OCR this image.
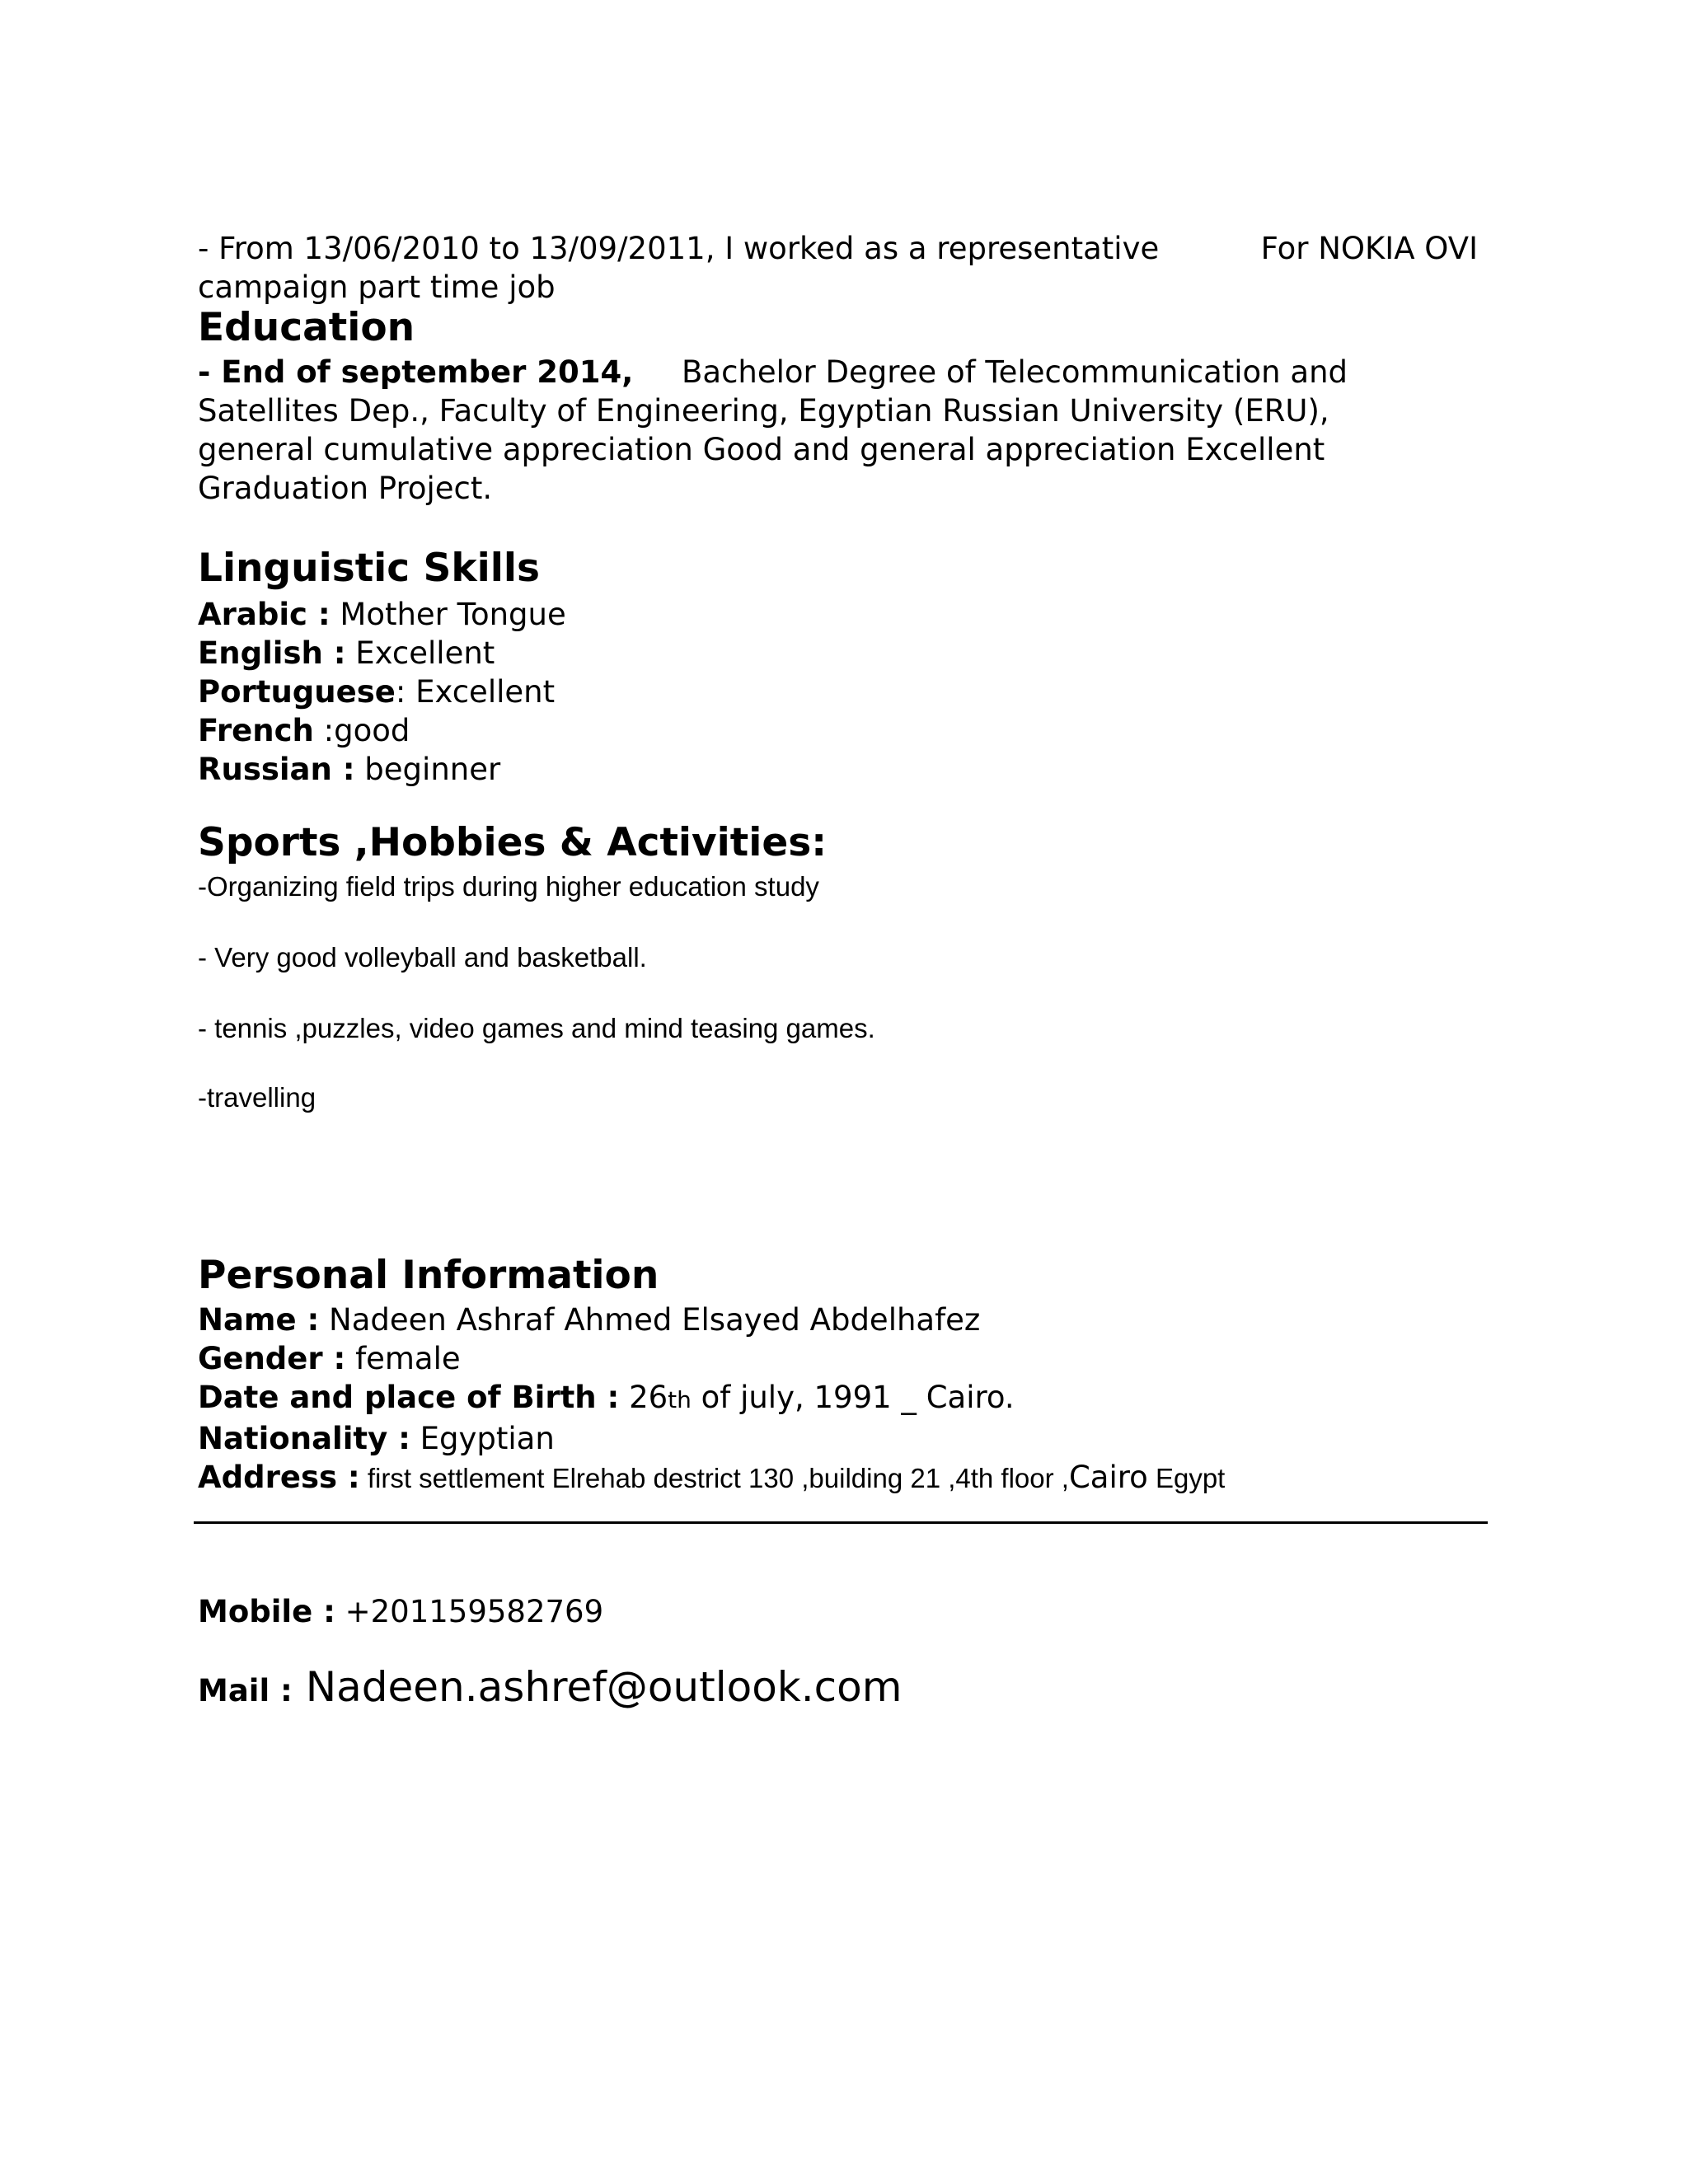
- From 13/06/2010 to 13/09/2011, I worked as a representative	For NOKIA OVI
campaign part time job
Education
- End of september 2014, Bachelor Degree of Telecommunication and
Satellites Dep., Faculty of Engineering, Egyptian Russian University (ERU),
general cumulative appreciation Good and general appreciation Excellent
Graduation Project.
Linguistic Skills
Arabic : Mother Tongue
English : Excellent
Portuguese: Excellent
French :good
Russian : beginner
Sports ,Hobbies & Activities:
-Organizing field trips during higher education study
- Very good volleyball and basketball.
- tennis ,puzzles, video games and mind teasing games.
-travelling
Personal Information
Name : Nadeen Ashraf Ahmed Elsayed Abdelhafez
Gender : female
Date and place of Birth : 26th of july, 1991 _ Cairo.
Nationality : Egyptian
Address : first settlement Elrehab destrict 130 ,building 21 ,4th floor ,Cairo Egypt
Mobile : +201159582769
Mail : Nadeen.ashref@outlook.com
